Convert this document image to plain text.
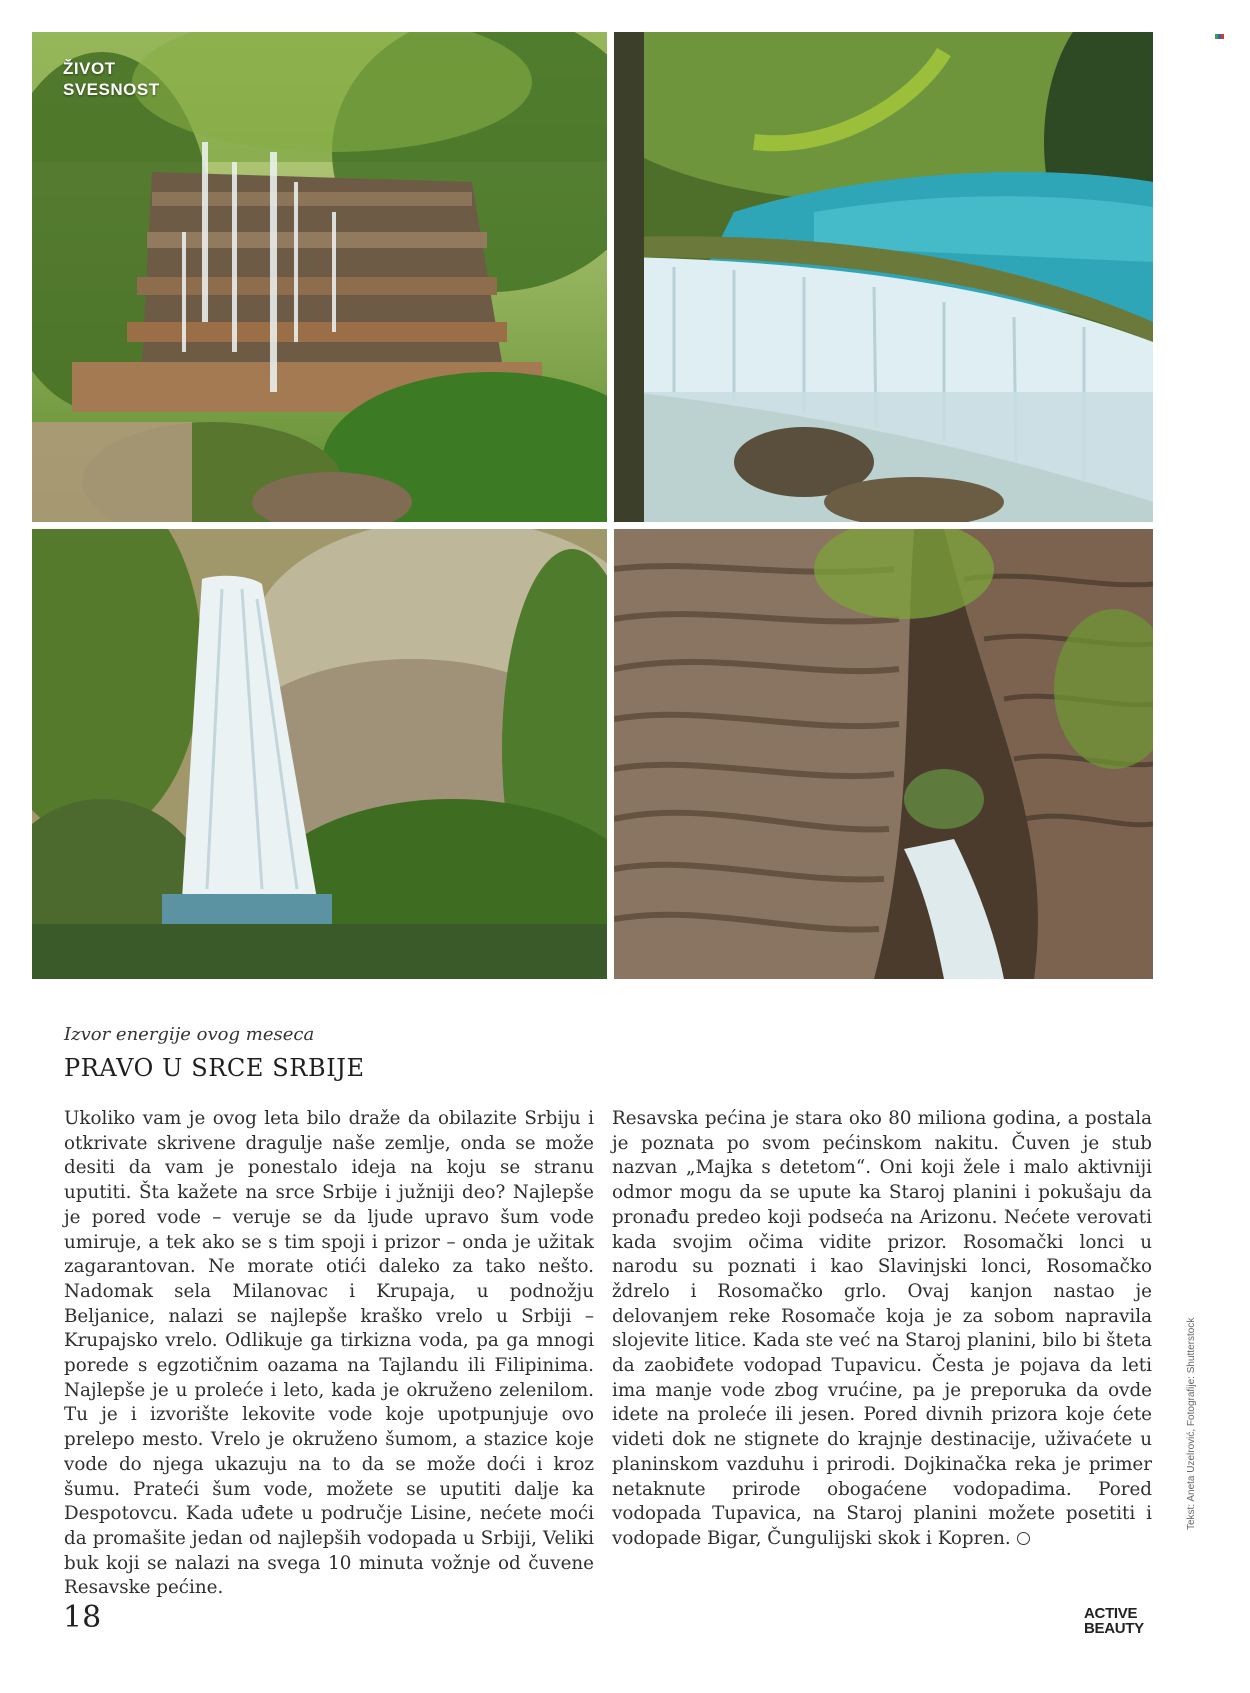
ŽIVOT
SVESNOST
Izvor energije ovog meseca
PRAVO U SRCE SRBIJE

Ukoliko vam je ovog leta bilo draže da obilazite Srbiju i otkrivate skrivene dragulje naše zemlje, onda se može desiti da vam je ponestalo ideja na koju se stranu uputiti. Šta kažete na srce Srbije i južniji deo? Najlepše je pored vode – veruje se da ljude upravo šum vode umiruje, a tek ako se s tim spoji i prizor – onda je užitak zagarantovan. Ne morate otići daleko za tako nešto. Nadomak sela Milanovac i Krupaja, u podnožju Beljanice, nalazi se najlepše kraško vrelo u Srbiji – Krupajsko vrelo. Odlikuje ga tirkizna voda, pa ga mnogi porede s egzotičnim oazama na Tajlandu ili Filipinima. Najlepše je u proleće i leto, kada je okruženo zelenilom. Tu je i izvorište lekovite vode koje upotpunjuje ovo prelepo mesto. Vrelo je okruženo šumom, a stazice koje vode do njega ukazuju na to da se može doći i kroz šumu. Prateći šum vode, možete se uputiti dalje ka Despotovcu. Kada uđete u područje Lisine, nećete moći da promašite jedan od najlepših vodopada u Srbiji, Veliki buk koji se nalazi na svega 10 minuta vožnje od čuvene Resavske pećine.

Resavska pećina je stara oko 80 miliona godina, a postala je poznata po svom pećinskom nakitu. Čuven je stub nazvan „Majka s detetom“. Oni koji žele i malo aktivniji odmor mogu da se upute ka Staroj planini i pokušaju da pronađu predeo koji podseća na Arizonu. Nećete verovati kada svojim očima vidite prizor. Rosomački lonci u narodu su poznati i kao Slavinjski lonci, Rosomačko ždrelo i Rosomačko grlo. Ovaj kanjon nastao je delovanjem reke Rosomače koja je za sobom napravila slojevite litice. Kada ste već na Staroj planini, bilo bi šteta da zaobiđete vodopad Tupavicu. Česta je pojava da leti ima manje vode zbog vrućine, pa je preporuka da ovde idete na proleće ili jesen. Pored divnih prizora koje ćete videti dok ne stignete do krajnje destinacije, uživaćete u planinskom vazduhu i prirodi. Dojkinačka reka je primer netaknute prirode obogaćene vodopadima. Pored vodopada Tupavica, na Staroj planini možete posetiti i vodopade Bigar, Čungulijski skok i Kopren.

Tekst: Aneta Uzelrović, Fotografije: Shutterstock
18	ACTIVE
BEAUTY
